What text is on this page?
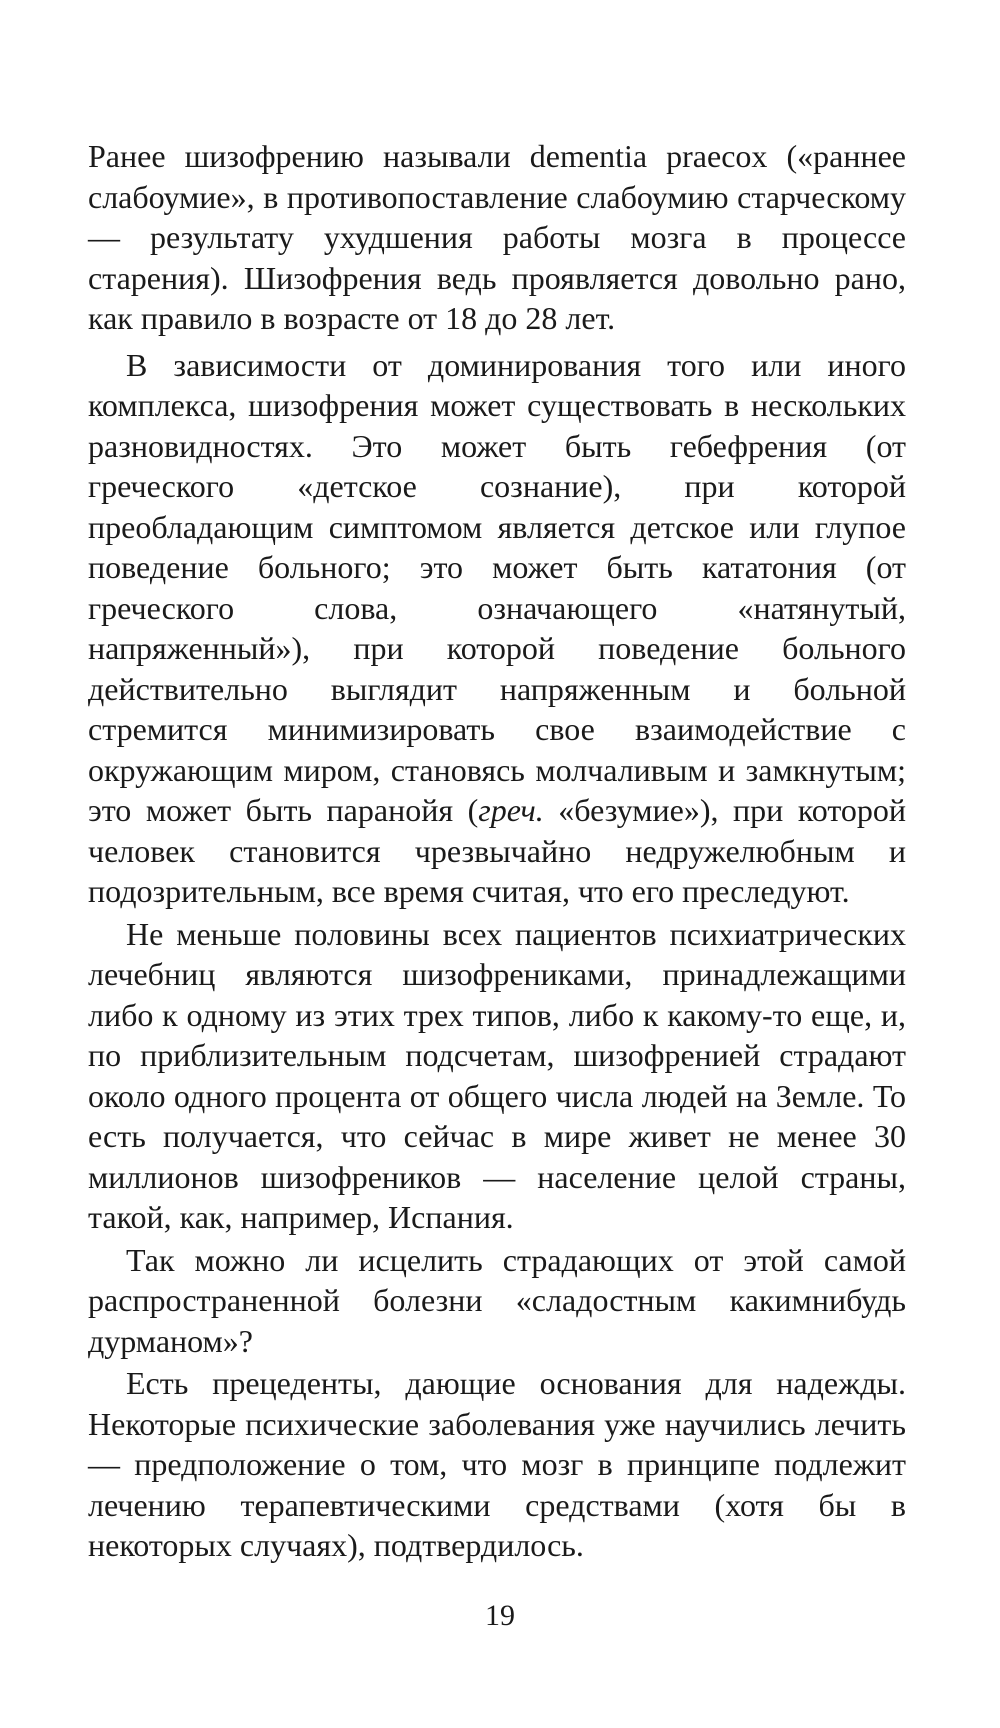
Ранее шизофрению называли dementia praecox («раннее слабоумие», в противопоставление слабоумию старческому — результату ухудшения работы мозга в процессе старения). Шизофрения ведь проявляется довольно рано, как правило в возрасте от 18 до 28 лет.

В зависимости от доминирования того или иного комплекса, шизофрения может существовать в нескольких разновидностях. Это может быть гебефрения (от греческого «детское сознание), при которой преобладающим симптомом является детское или глупое поведение больного; это может быть кататония (от греческого слова, означающего «натянутый, напряженный»), при которой поведение больного действительно выглядит напряженным и больной стремится минимизировать свое взаимодействие с окружающим миром, становясь молчаливым и замкнутым; это может быть паранойя (греч. «безумие»), при которой человек становится чрезвычайно недружелюбным и подозрительным, все время считая, что его преследуют.

Не меньше половины всех пациентов психиатрических лечебниц являются шизофрениками, принадлежащими либо к одному из этих трех типов, либо к какому-то еще, и, по приблизительным подсчетам, шизофренией страдают около одного процента от общего числа людей на Земле. То есть получается, что сейчас в мире живет не менее 30 миллионов шизофреников — население целой страны, такой, как, например, Испания.

Так можно ли исцелить страдающих от этой самой распространенной болезни «сладостным какимнибудь дурманом»?

Есть прецеденты, дающие основания для надежды. Некоторые психические заболевания уже научились лечить — предположение о том, что мозг в принципе подлежит лечению терапевтическими средствами (хотя бы в некоторых случаях), подтвердилось.

19
